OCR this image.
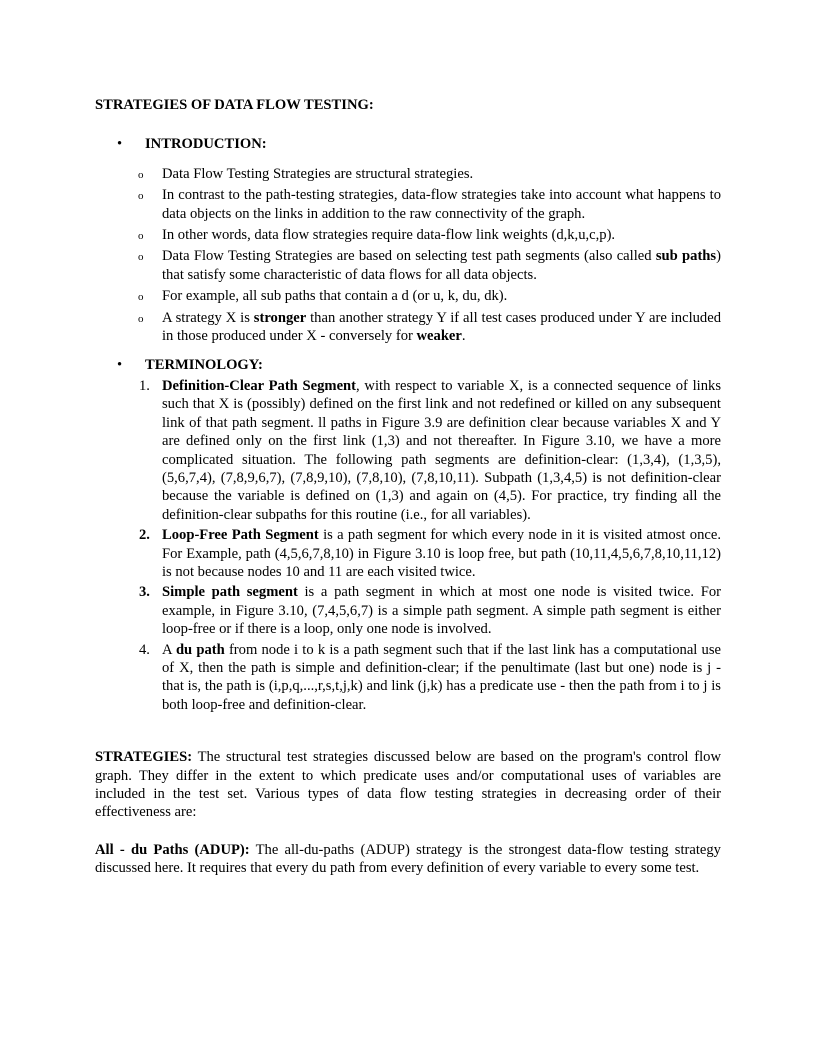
STRATEGIES OF DATA FLOW TESTING:
• INTRODUCTION:
o Data Flow Testing Strategies are structural strategies.
o In contrast to the path-testing strategies, data-flow strategies take into account what happens to data objects on the links in addition to the raw connectivity of the graph.
o In other words, data flow strategies require data-flow link weights (d,k,u,c,p).
o Data Flow Testing Strategies are based on selecting test path segments (also called sub paths) that satisfy some characteristic of data flows for all data objects.
o For example, all sub paths that contain a d (or u, k, du, dk).
o A strategy X is stronger than another strategy Y if all test cases produced under Y are included in those produced under X - conversely for weaker.
• TERMINOLOGY:
1. Definition-Clear Path Segment, with respect to variable X, is a connected sequence of links such that X is (possibly) defined on the first link and not redefined or killed on any subsequent link of that path segment. ll paths in Figure 3.9 are definition clear because variables X and Y are defined only on the first link (1,3) and not thereafter. In Figure 3.10, we have a more complicated situation. The following path segments are definition-clear: (1,3,4), (1,3,5), (5,6,7,4), (7,8,9,6,7), (7,8,9,10), (7,8,10), (7,8,10,11). Subpath (1,3,4,5) is not definition-clear because the variable is defined on (1,3) and again on (4,5). For practice, try finding all the definition-clear subpaths for this routine (i.e., for all variables).
2. Loop-Free Path Segment is a path segment for which every node in it is visited atmost once. For Example, path (4,5,6,7,8,10) in Figure 3.10 is loop free, but path (10,11,4,5,6,7,8,10,11,12) is not because nodes 10 and 11 are each visited twice.
3. Simple path segment is a path segment in which at most one node is visited twice. For example, in Figure 3.10, (7,4,5,6,7) is a simple path segment. A simple path segment is either loop-free or if there is a loop, only one node is involved.
4. A du path from node i to k is a path segment such that if the last link has a computational use of X, then the path is simple and definition-clear; if the penultimate (last but one) node is j - that is, the path is (i,p,q,...,r,s,t,j,k) and link (j,k) has a predicate use - then the path from i to j is both loop-free and definition-clear.

STRATEGIES: The structural test strategies discussed below are based on the program's control flow graph. They differ in the extent to which predicate uses and/or computational uses of variables are included in the test set. Various types of data flow testing strategies in decreasing order of their effectiveness are:

All - du Paths (ADUP): The all-du-paths (ADUP) strategy is the strongest data-flow testing strategy discussed here. It requires that every du path from every definition of every variable to every some test.
